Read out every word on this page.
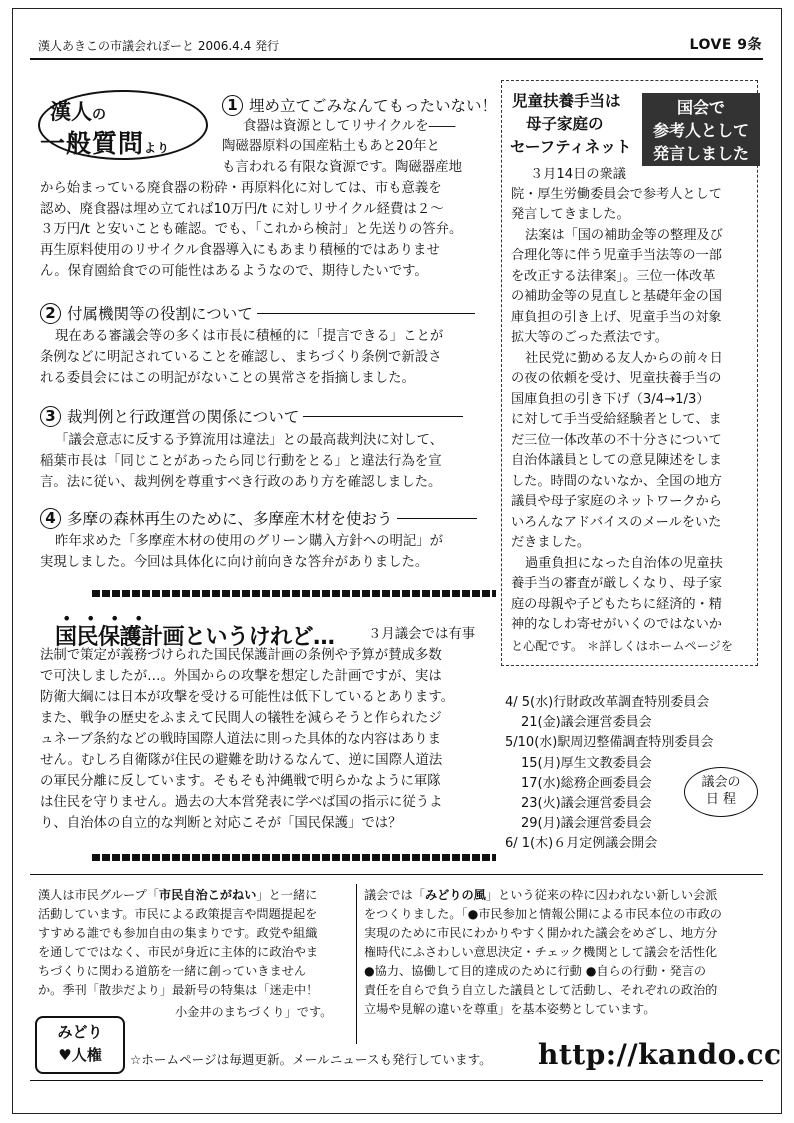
漢人あきこの市議会れぽーと 2006.4.4 発行	LOVE 9条
漢人の
一般質問より
1 埋め立てごみなんてもったいない！
食器は資源としてリサイクルを――
陶磁器原料の国産粘土もあと20年と
も言われる有限な資源です。陶磁器産地
から始まっている廃食器の粉砕・再原料化に対しては、市も意義を
認め、廃食器は埋め立てれば10万円/t に対しリサイクル経費は２～
３万円/t と安いことも確認。でも、「これから検討」と先送りの答弁。
再生原料使用のリサイクル食器導入にもあまり積極的ではありませ
ん。保育園給食での可能性はあるようなので、期待したいです。
2 付属機関等の役割について
現在ある審議会等の多くは市長に積極的に「提言できる」ことが
条例などに明記されていることを確認し、まちづくり条例で新設さ
れる委員会にはこの明記がないことの異常さを指摘しました。
3 裁判例と行政運営の関係について
「議会意志に反する予算流用は違法」との最高裁判決に対して、
稲葉市長は「同じことがあったら同じ行動をとる」と違法行為を宣
言。法に従い、裁判例を尊重すべき行政のあり方を確認しました。
4 多摩の森林再生のために、多摩産木材を使おう
昨年求めた「多摩産木材の使用のグリーン購入方針への明記」が
実現しました。今回は具体化に向け前向きな答弁がありました。
児童扶養手当は
母子家庭の
セーフティネット
国会で
参考人として
発言しました
３月14日の衆議
院・厚生労働委員会で参考人として
発言してきました。
法案は「国の補助金等の整理及び
合理化等に伴う児童手当法等の一部
を改正する法律案」。三位一体改革
の補助金等の見直しと基礎年金の国
庫負担の引き上げ、児童手当の対象
拡大等のごった煮法です。
社民党に勤める友人からの前々日
の夜の依頼を受け、児童扶養手当の
国庫負担の引き下げ（3/4→1/3）
に対して手当受給経験者として、ま
だ三位一体改革の不十分さについて
自治体議員としての意見陳述をしま
した。時間のないなか、全国の地方
議員や母子家庭のネットワークから
いろんなアドバイスのメールをいた
だきました。
過重負担になった自治体の児童扶
養手当の審査が厳しくなり、母子家
庭の母親や子どもたちに経済的・精
神的なしわ寄せがいくのではないか
と心配です。 ＊詳しくはホームページを
• • • •
国民保護計画というけれど… ３月議会では有事
法制で策定が義務づけられた国民保護計画の条例や予算が賛成多数
で可決しましたが…。外国からの攻撃を想定した計画ですが、実は
防衛大綱には日本が攻撃を受ける可能性は低下しているとあります。
また、戦争の歴史をふまえて民間人の犠牲を減らそうと作られたジ
ュネーブ条約などの戦時国際人道法に則った具体的な内容はありま
せん。むしろ自衛隊が住民の避難を助けるなんて、逆に国際人道法
の軍民分離に反しています。そもそも沖縄戦で明らかなように軍隊
は住民を守りません。過去の大本営発表に学べば国の指示に従うよ
り、自治体の自立的な判断と対応こそが「国民保護」では？
4/ 5(水)行財政改革調査特別委員会
21(金)議会運営委員会
5/10(水)駅周辺整備調査特別委員会
15(月)厚生文教委員会
17(水)総務企画委員会
23(火)議会運営委員会
29(月)議会運営委員会
6/ 1(木)６月定例議会開会
議会の
日 程
漢人は市民グループ「市民自治こがねい」と一緒に
活動しています。市民による政策提言や問題提起を
すすめる誰でも参加自由の集まりです。政党や組織
を通してではなく、市民が身近に主体的に政治やま
ちづくりに関わる道筋を一緒に創っていきません
か。季刊「散歩だより」最新号の特集は「迷走中！
小金井のまちづくり」です。
議会では「みどりの風」という従来の枠に囚われない新しい会派
をつくりました。「●市民参加と情報公開による市民本位の市政の
実現のために市民にわかりやすく開かれた議会をめざし、地方分
権時代にふさわしい意思決定・チェック機関として議会を活性化
●協力、協働して目的達成のために行動 ●自らの行動・発言の
責任を自らで負う自立した議員として活動し、それぞれの政治的
立場や見解の違いを尊重」を基本姿勢としています。
みどり
♥人権	☆ホームページは毎週更新。メールニュースも発行しています。 http://kando.cc
